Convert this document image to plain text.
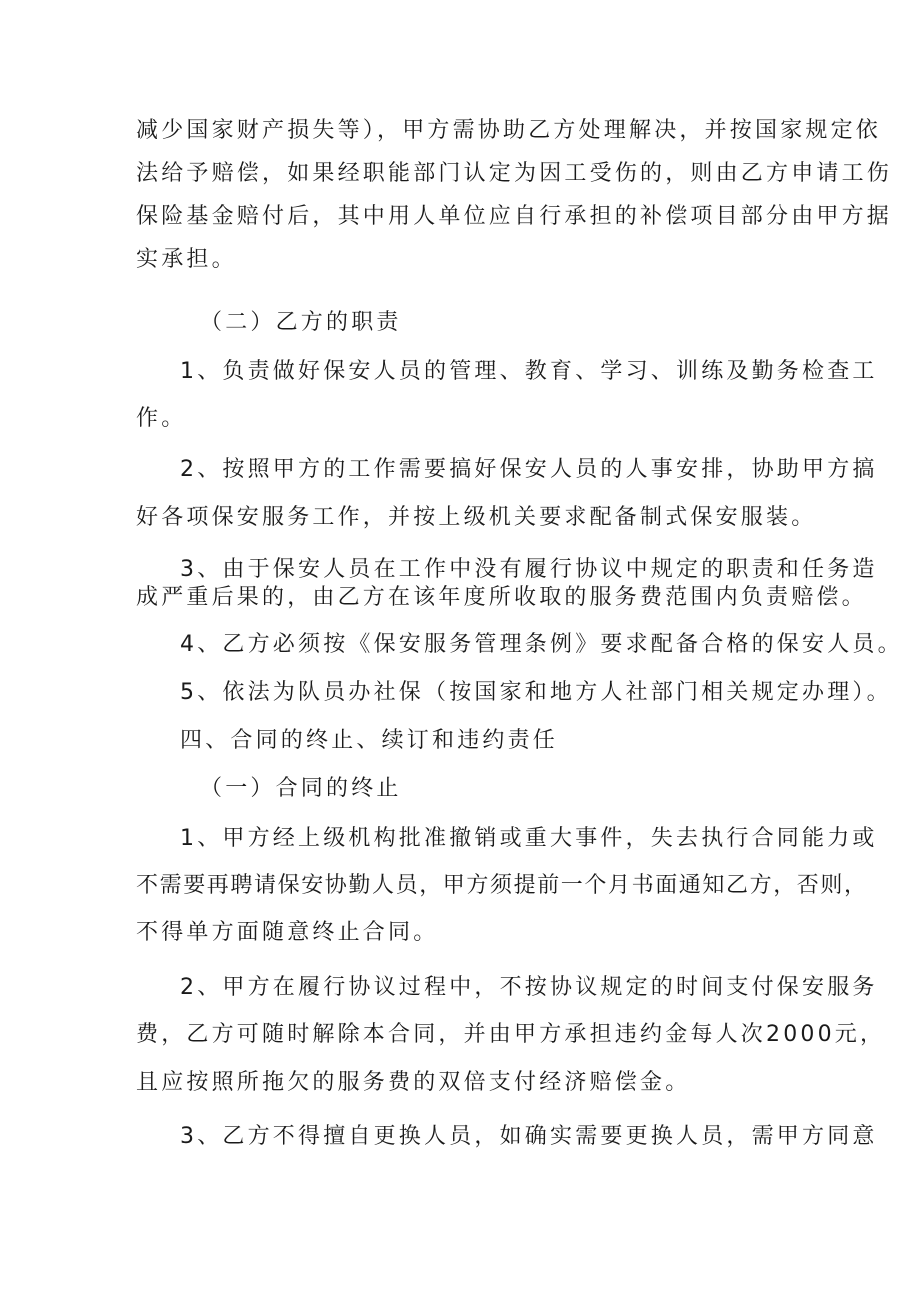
减少国家财产损失等），甲方需协助乙方处理解决，并按国家规定依
法给予赔偿，如果经职能部门认定为因工受伤的，则由乙方申请工伤
保险基金赔付后，其中用人单位应自行承担的补偿项目部分由甲方据
实承担。
（二）乙方的职责
1、负责做好保安人员的管理、教育、学习、训练及勤务检查工
作。
2、按照甲方的工作需要搞好保安人员的人事安排，协助甲方搞
好各项保安服务工作，并按上级机关要求配备制式保安服装。
3、由于保安人员在工作中没有履行协议中规定的职责和任务造
成严重后果的，由乙方在该年度所收取的服务费范围内负责赔偿。
4、乙方必须按《保安服务管理条例》要求配备合格的保安人员。
5、依法为队员办社保（按国家和地方人社部门相关规定办理）。
四、合同的终止、续订和违约责任
（一）合同的终止
1、甲方经上级机构批准撤销或重大事件，失去执行合同能力或
不需要再聘请保安协勤人员，甲方须提前一个月书面通知乙方，否则，
不得单方面随意终止合同。
2、甲方在履行协议过程中，不按协议规定的时间支付保安服务
费，乙方可随时解除本合同，并由甲方承担违约金每人次2000元，
且应按照所拖欠的服务费的双倍支付经济赔偿金。
3、乙方不得擅自更换人员，如确实需要更换人员，需甲方同意
